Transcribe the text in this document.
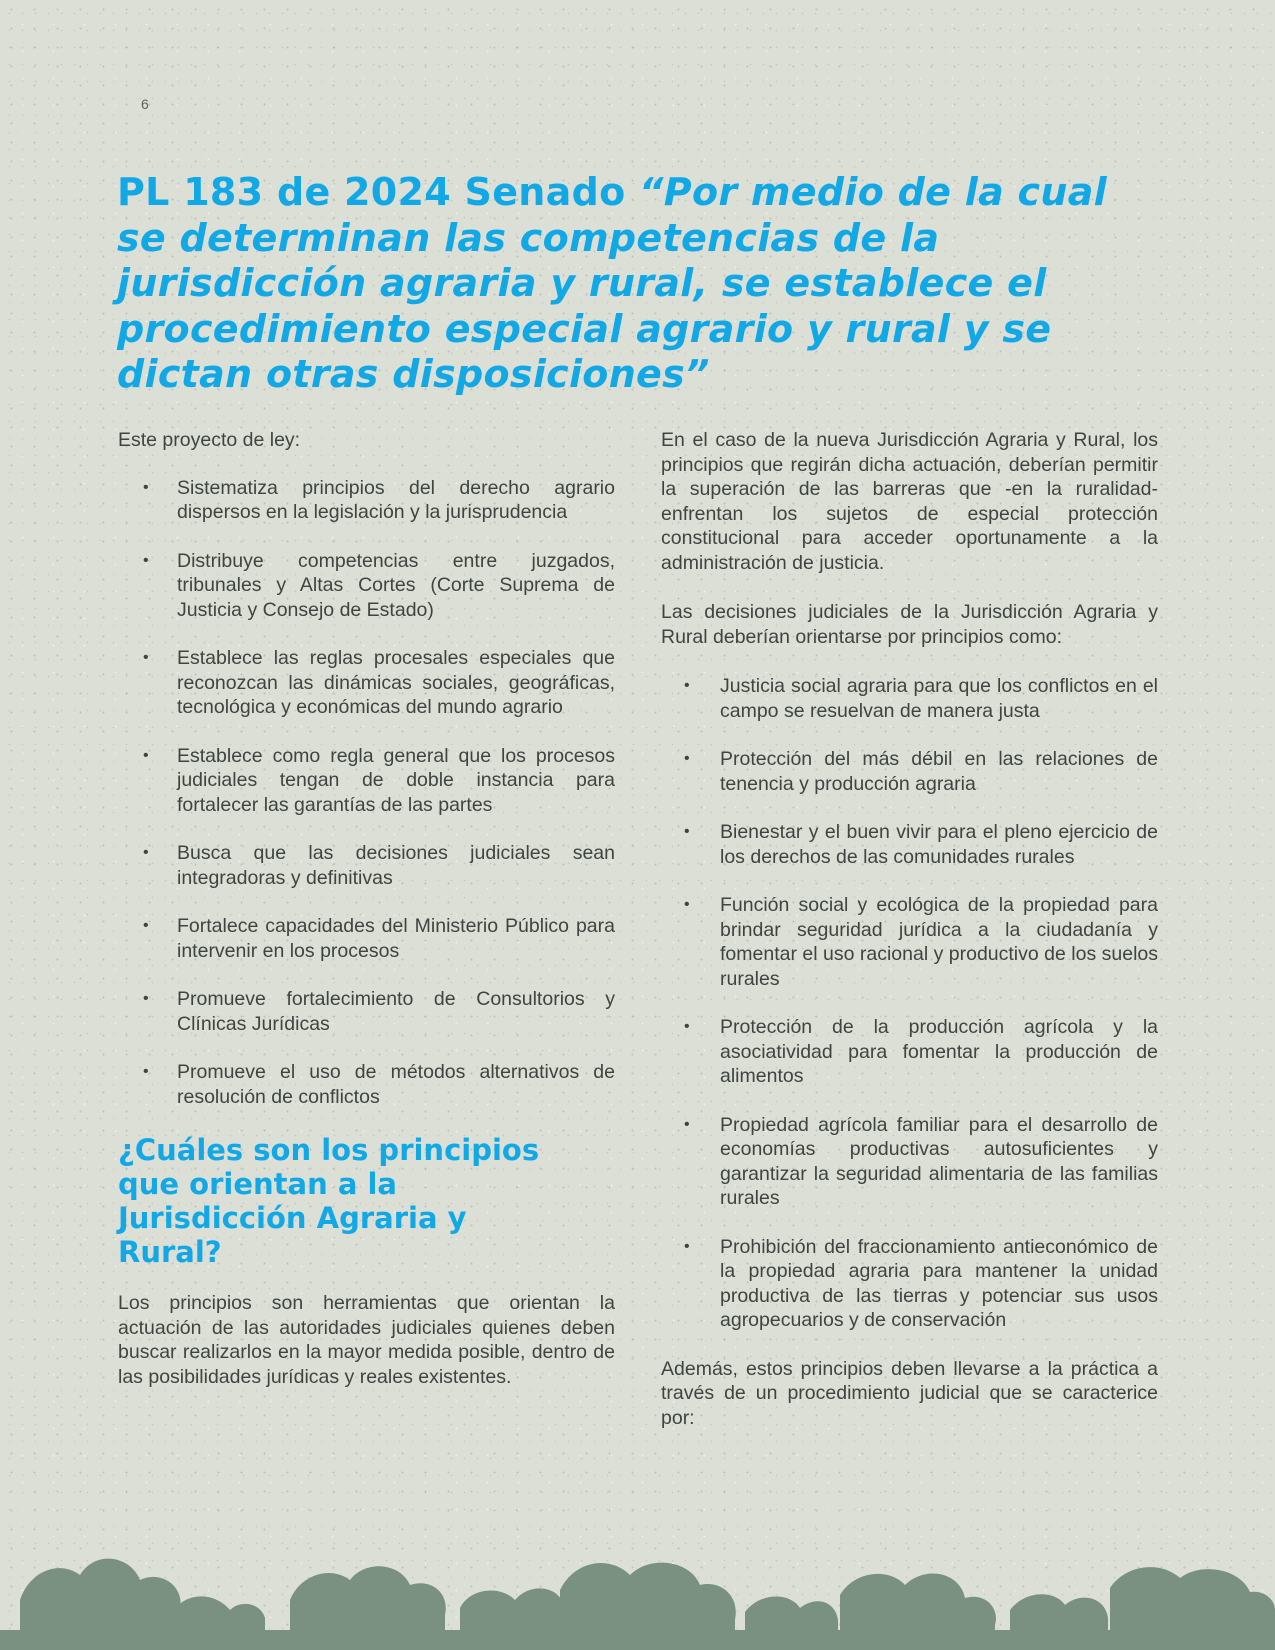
6
PL 183 de 2024 Senado “Por medio de la cual se determinan las competencias de la jurisdicción agraria y rural, se establece el procedimiento especial agrario y rural y se dictan otras disposiciones”

Este proyecto de ley:

• Sistematiza principios del derecho agrario dispersos en la legislación y la jurisprudencia
• Distribuye competencias entre juzgados, tribunales y Altas Cortes (Corte Suprema de Justicia y Consejo de Estado)
• Establece las reglas procesales especiales que reconozcan las dinámicas sociales, geográficas, tecnológica y económicas del mundo agrario
• Establece como regla general que los procesos judiciales tengan de doble instancia para fortalecer las garantías de las partes
• Busca que las decisiones judiciales sean integradoras y definitivas
• Fortalece capacidades del Ministerio Público para intervenir en los procesos
• Promueve fortalecimiento de Consultorios y Clínicas Jurídicas
• Promueve el uso de métodos alternativos de resolución de conflictos
¿Cuáles son los principios que orientan a la Jurisdicción Agraria y Rural?

Los principios son herramientas que orientan la actuación de las autoridades judiciales quienes deben buscar realizarlos en la mayor medida posible, dentro de las posibilidades jurídicas y reales existentes.

En el caso de la nueva Jurisdicción Agraria y Rural, los principios que regirán dicha actuación, deberían permitir la superación de las barreras que -en la ruralidad- enfrentan los sujetos de especial protección constitucional para acceder oportunamente a la administración de justicia.

Las decisiones judiciales de la Jurisdicción Agraria y Rural deberían orientarse por principios como:

• Justicia social agraria para que los conflictos en el campo se resuelvan de manera justa
• Protección del más débil en las relaciones de tenencia y producción agraria
• Bienestar y el buen vivir para el pleno ejercicio de los derechos de las comunidades rurales
• Función social y ecológica de la propiedad para brindar seguridad jurídica a la ciudadanía y fomentar el uso racional y productivo de los suelos rurales
• Protección de la producción agrícola y la asociatividad para fomentar la producción de alimentos
• Propiedad agrícola familiar para el desarrollo de economías productivas autosuficientes y garantizar la seguridad alimentaria de las familias rurales
• Prohibición del fraccionamiento antieconómico de la propiedad agraria para mantener la unidad productiva de las tierras y potenciar sus usos agropecuarios y de conservación

Además, estos principios deben llevarse a la práctica a través de un procedimiento judicial que se caracterice por:
